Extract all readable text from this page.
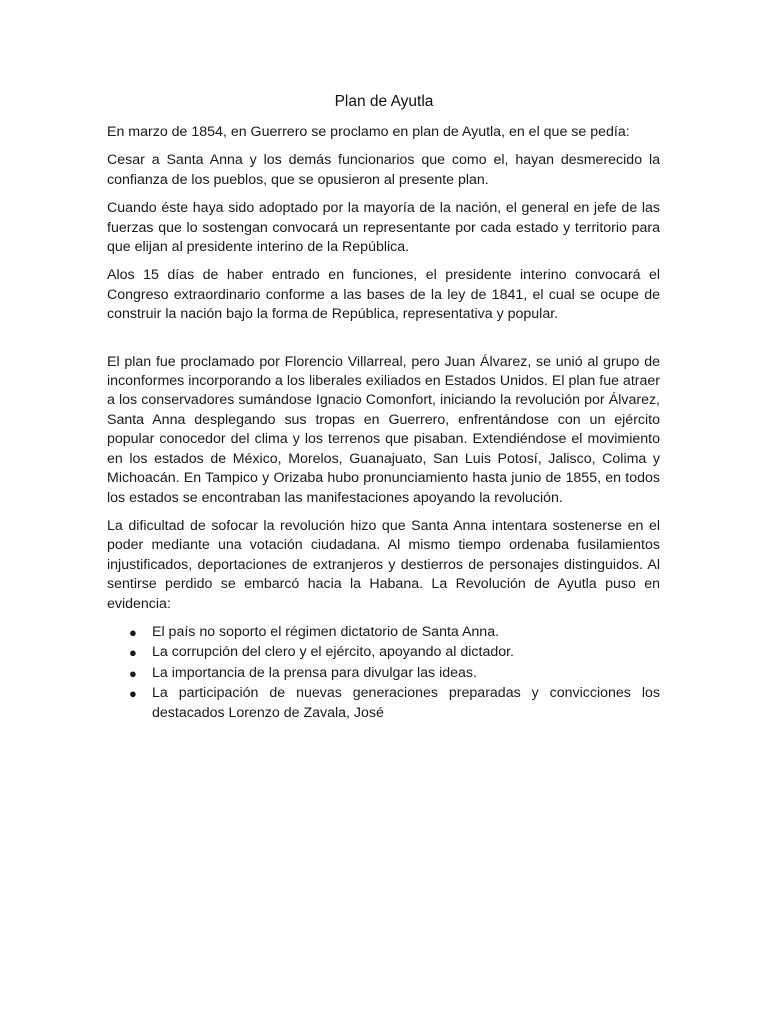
Plan de Ayutla

En marzo de 1854, en Guerrero se proclamo en plan de Ayutla, en el que se pedía:

Cesar a Santa Anna y los demás funcionarios que como el, hayan desmerecido la confianza de los pueblos, que se opusieron al presente plan.

Cuando éste haya sido adoptado por la mayoría de la nación, el general en jefe de las fuerzas que lo sostengan convocará un representante por cada estado y territorio para que elijan al presidente interino de la República.

Alos 15 días de haber entrado en funciones, el presidente interino convocará el Congreso extraordinario conforme a las bases de la ley de 1841, el cual se ocupe de construir la nación bajo la forma de República, representativa y popular.

El plan fue proclamado por Florencio Villarreal, pero Juan Álvarez, se unió al grupo de inconformes incorporando a los liberales exiliados en Estados Unidos. El plan fue atraer a los conservadores sumándose Ignacio Comonfort, iniciando la revolución por Álvarez, Santa Anna desplegando sus tropas en Guerrero, enfrentándose con un ejército popular conocedor del clima y los terrenos que pisaban. Extendiéndose el movimiento en los estados de México, Morelos, Guanajuato, San Luis Potosí, Jalisco, Colima y Michoacán. En Tampico y Orizaba hubo pronunciamiento hasta junio de 1855, en todos los estados se encontraban las manifestaciones apoyando la revolución.

La dificultad de sofocar la revolución hizo que Santa Anna intentara sostenerse en el poder mediante una votación ciudadana. Al mismo tiempo ordenaba fusilamientos injustificados, deportaciones de extranjeros y destierros de personajes distinguidos. Al sentirse perdido se embarcó hacia la Habana. La Revolución de Ayutla puso en evidencia:

● El país no soporto el régimen dictatorio de Santa Anna.
● La corrupción del clero y el ejército, apoyando al dictador.
● La importancia de la prensa para divulgar las ideas.
● La participación de nuevas generaciones preparadas y convicciones los destacados Lorenzo de Zavala, José
